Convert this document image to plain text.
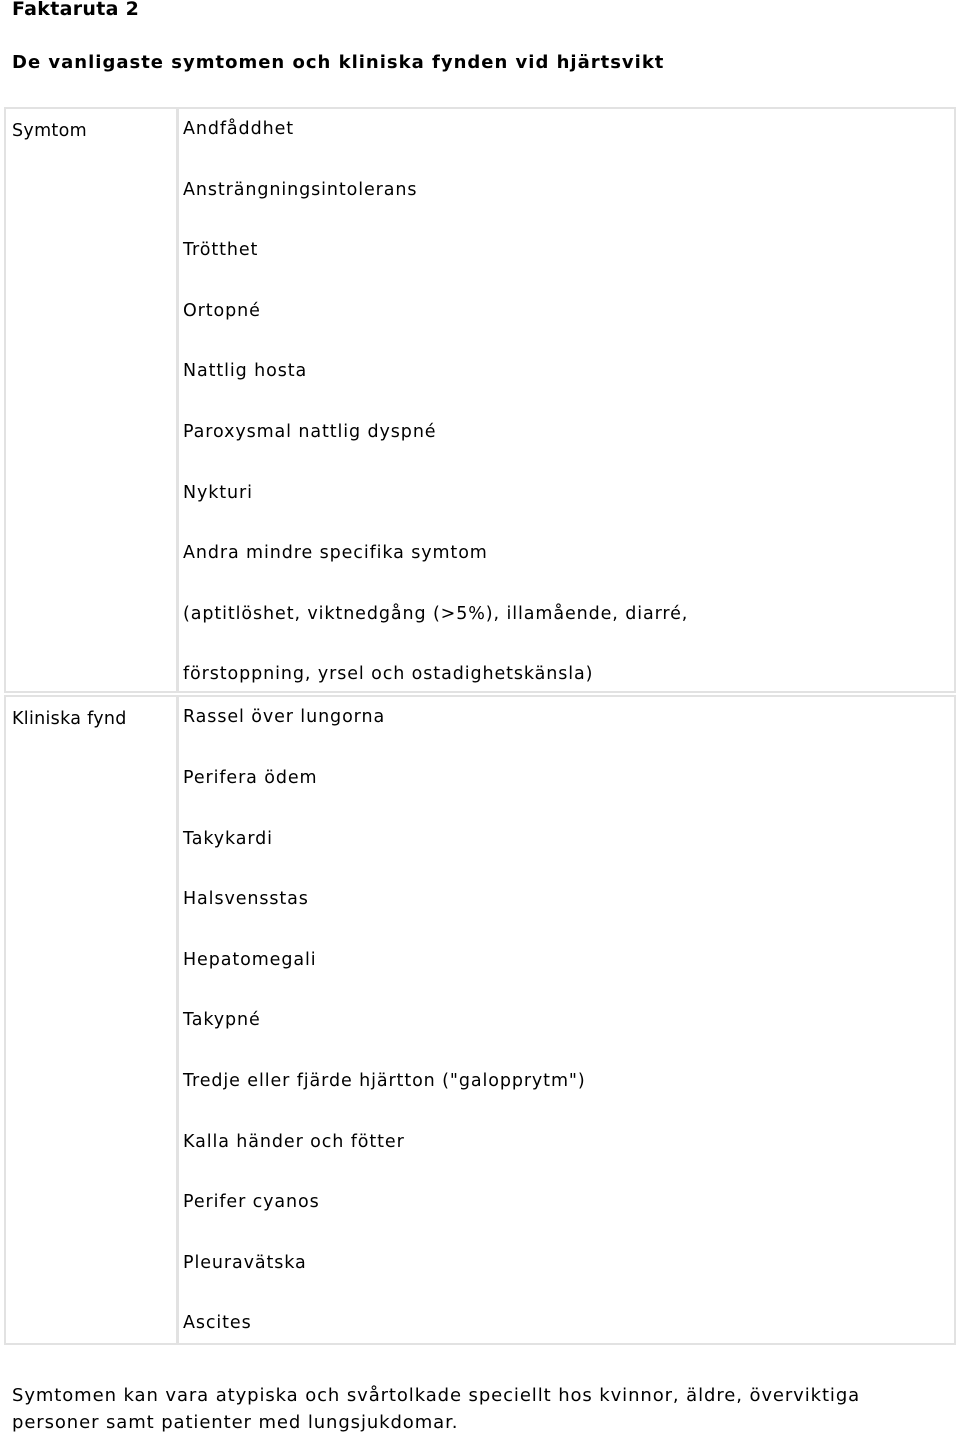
Faktaruta 2
De vanligaste symtomen och kliniska fynden vid hjärtsvikt
Symtom	Andfåddhet
Ansträngningsintolerans
Trötthet
Ortopné
Nattlig hosta
Paroxysmal nattlig dyspné
Nykturi
Andra mindre specifika symtom
(aptitlöshet, viktnedgång (>5%), illamående, diarré,
förstoppning, yrsel och ostadighetskänsla)
Kliniska fynd	Rassel över lungorna
Perifera ödem
Takykardi
Halsvensstas
Hepatomegali
Takypné
Tredje eller fjärde hjärtton ("galopprytm")
Kalla händer och fötter
Perifer cyanos
Pleuravätska
Ascites
Symtomen kan vara atypiska och svårtolkade speciellt hos kvinnor, äldre, överviktiga personer samt patienter med lungsjukdomar.
